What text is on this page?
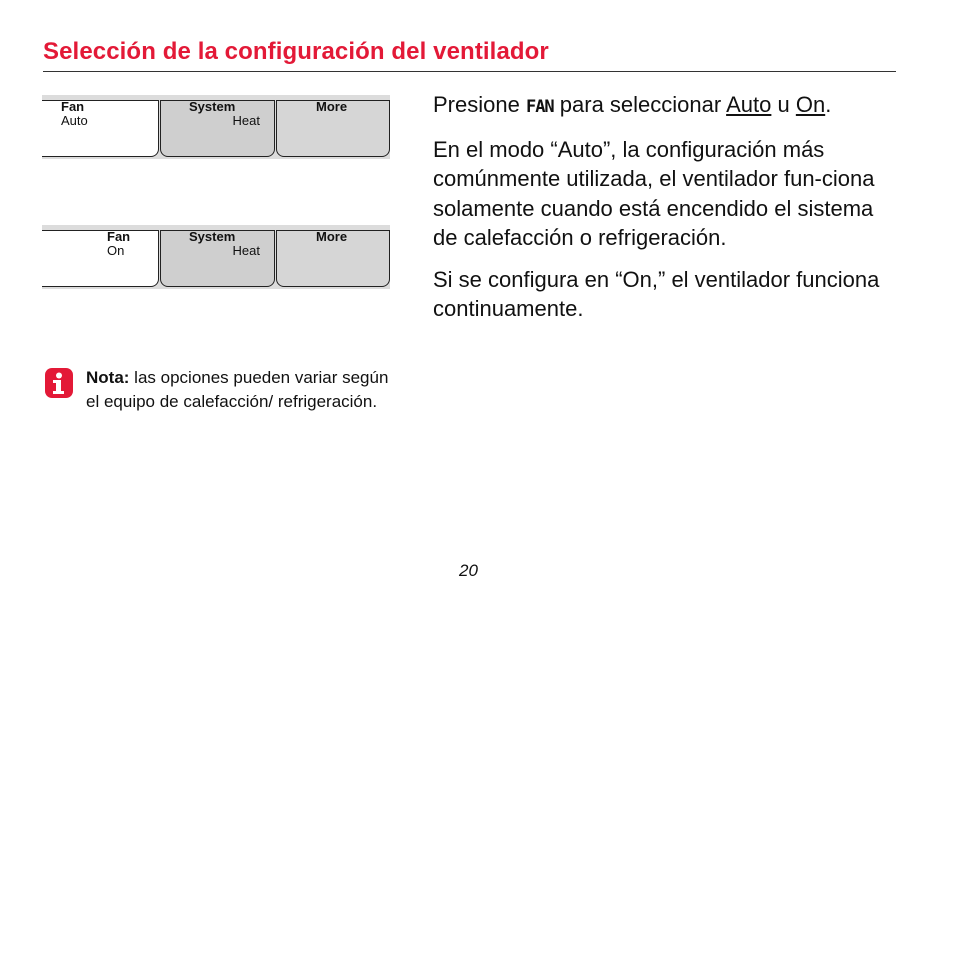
Selección de la configuración del ventilador
Fan
Auto
System
Heat
More
Fan
On
System
Heat
More

Presione FAN para seleccionar Auto u On.

En el modo “Auto”, la configuración más comúnmente utilizada, el ventilador fun-ciona solamente cuando está encendido el sistema de calefacción o refrigeración.

Si se configura en “On,” el ventilador funciona continuamente.

Nota: las opciones pueden variar según el equipo de calefacción/ refrigeración.
20
